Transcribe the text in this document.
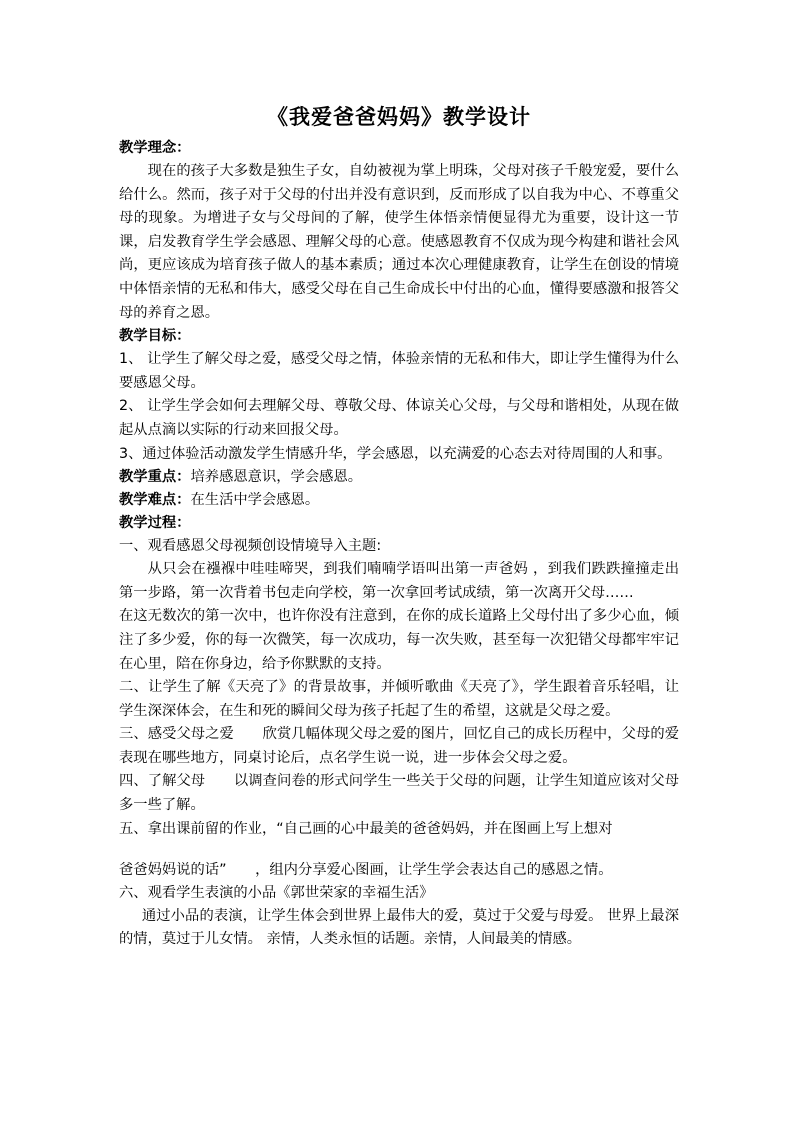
《我爱爸爸妈妈》教学设计
教学理念：

现在的孩子大多数是独生子女，自幼被视为掌上明珠，父母对孩子千般宠爱，要什么给什么。然而，孩子对于父母的付出并没有意识到，反而形成了以自我为中心、不尊重父母的现象。为增进子女与父母间的了解，使学生体悟亲情便显得尤为重要，设计这一节课，启发教育学生学会感恩、理解父母的心意。使感恩教育不仅成为现今构建和谐社会风尚，更应该成为培育孩子做人的基本素质；通过本次心理健康教育，让学生在创设的情境中体悟亲情的无私和伟大，感受父母在自己生命成长中付出的心血，懂得要感激和报答父母的养育之恩。

教学目标：

1、 让学生了解父母之爱，感受父母之情，体验亲情的无私和伟大，即让学生懂得为什么要感恩父母。

2、 让学生学会如何去理解父母、尊敬父母、体谅关心父母，与父母和谐相处，从现在做起从点滴以实际的行动来回报父母。

3、通过体验活动激发学生情感升华，学会感恩，以充满爱的心态去对待周围的人和事。

教学重点：培养感恩意识，学会感恩。
教学难点：在生活中学会感恩。
教学过程：
一、观看感恩父母视频创设情境导入主题:

从只会在襁褓中哇哇啼哭，到我们喃喃学语叫出第一声爸妈 ，到我们跌跌撞撞走出第一步路，第一次背着书包走向学校，第一次拿回考试成绩，第一次离开父母……

在这无数次的第一次中，也许你没有注意到，在你的成长道路上父母付出了多少心血，倾注了多少爱，你的每一次微笑，每一次成功，每一次失败，甚至每一次犯错父母都牢牢记在心里，陪在你身边，给予你默默的支持。

二、让学生了解《天亮了》的背景故事，并倾听歌曲《天亮了》，学生跟着音乐轻唱，让学生深深体会，在生和死的瞬间父母为孩子托起了生的希望，这就是父母之爱。

三、感受父母之爱　　欣赏几幅体现父母之爱的图片，回忆自己的成长历程中，父母的爱表现在哪些地方，同桌讨论后，点名学生说一说，进一步体会父母之爱。

四、了解父母　　以调查问卷的形式问学生一些关于父母的问题，让学生知道应该对父母多一些了解。

五、拿出课前留的作业，“自己画的心中最美的爸爸妈妈，并在图画上写上想对
爸爸妈妈说的话”　　，组内分享爱心图画，让学生学会表达自己的感恩之情。
六、观看学生表演的小品《郭世荣家的幸福生活》

通过小品的表演，让学生体会到世界上最伟大的爱，莫过于父爱与母爱。 世界上最深的情，莫过于儿女情。 亲情，人类永恒的话题。亲情，人间最美的情感。
